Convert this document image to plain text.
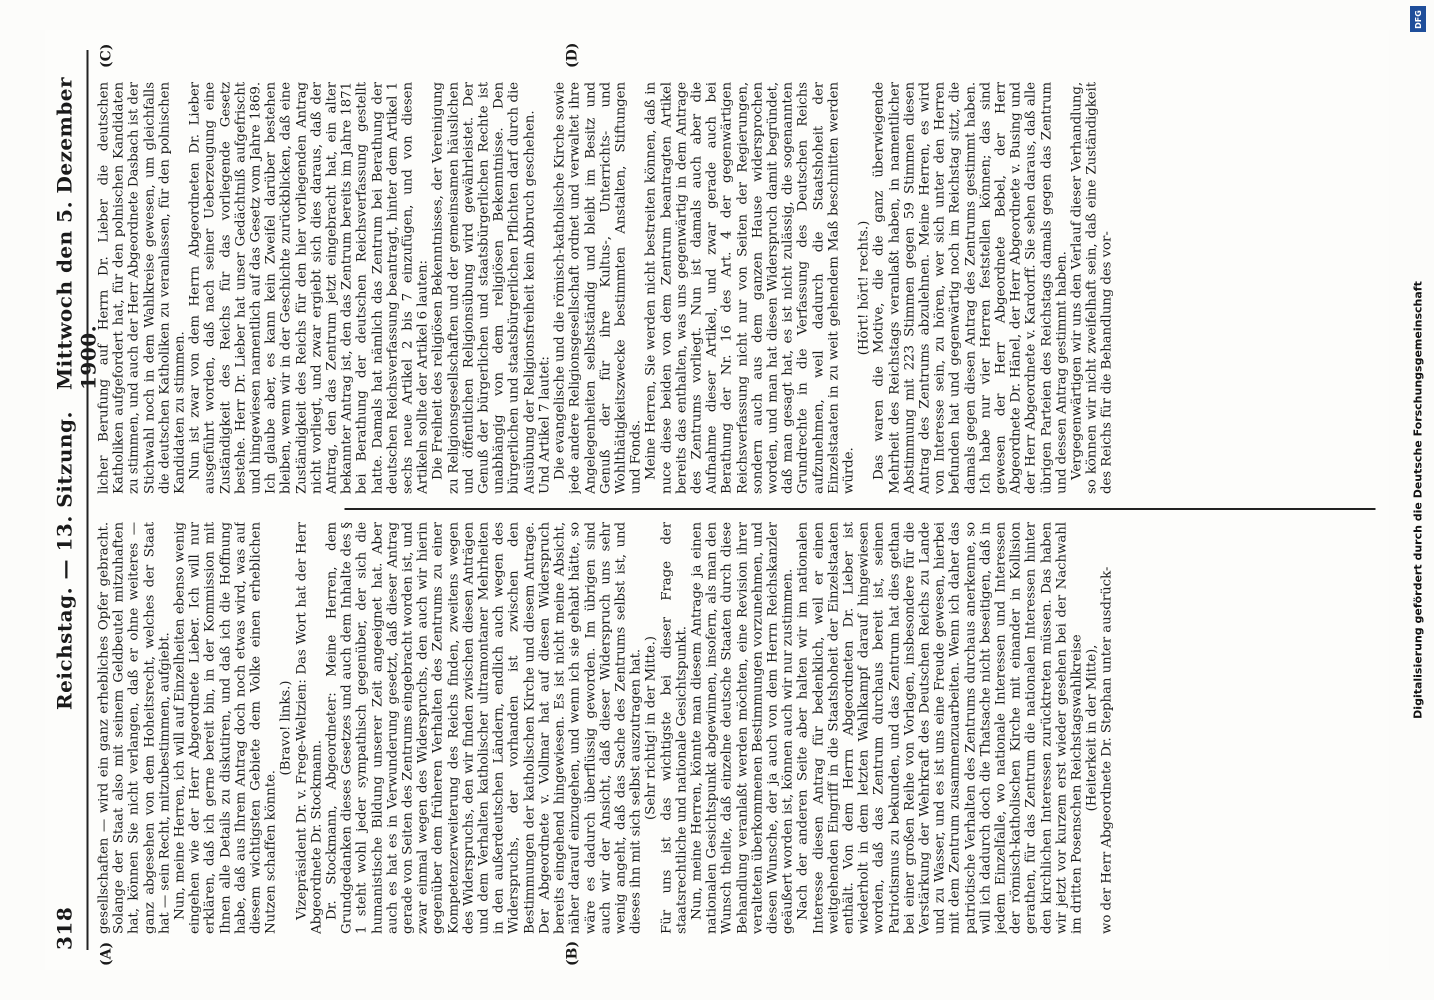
318
Reichstag. — 13. Sitzung.
Mittwoch den 5. Dezember 1900.
(A)	(B)
(C)	(D)

gesellschaften — wird ein ganz erhebliches Opfer gebracht. Solange der Staat also mit seinem Geldbeutel mitzuhaften hat, können Sie nicht verlangen, daß er ohne weiteres — ganz abgesehen von dem Hoheitsrecht, welches der Staat hat — sein Recht, mitzubestimmen, aufgiebt. Nun, meine Herren, ich will auf Einzelheiten ebenso wenig eingehen wie der Herr Abgeordnete Lieber. Ich will nur erklären, daß ich gerne bereit bin, in der Kommission mit Ihnen alle Details zu diskutiren, und daß ich die Hoffnung habe, daß aus Ihrem Antrag doch noch etwas wird, was auf diesem wichtigsten Gebiete dem Volke einen erheblichen Nutzen schaffen könnte.

(Bravo! links.) Vizepräsident Dr. v. Frege-Weltzien: Das Wort hat der Herr Abgeordnete Dr. Stockmann. Dr. Stockmann, Abgeordneter: Meine Herren, dem Grundgedanken dieses Gesetzes und auch dem Inhalte des § 1 steht wohl jeder sympathisch gegenüber, der sich die humanistische Bildung unserer Zeit angeeignet hat. Aber auch es hat es in Verwunderung gesetzt, daß dieser Antrag gerade von Seiten des Zentrums eingebracht worden ist, und zwar einmal wegen des Widerspruchs, den auch wir hierin gegenüber dem früheren Verhalten des Zentrums zu einer Kompetenzerweiterung des Reichs finden, zweitens wegen des Widerspruchs, den wir finden zwischen diesen Anträgen und dem Verhalten katholischer ultramontaner Mehrheiten in den außerdeutschen Ländern, endlich auch wegen des Widerspruchs, der vorhanden ist zwischen den Bestimmungen der katholischen Kirche und diesem Antrage. Der Abgeordnete v. Vollmar hat auf diesen Widerspruch bereits eingehend hingewiesen. Es ist nicht meine Absicht, näher darauf einzugehen, und wenn ich sie gehabt hätte, so wäre es dadurch überflüssig geworden. Im übrigen sind auch wir der Ansicht, daß dieser Widerspruch uns sehr wenig angeht, daß das Sache des Zentrums selbst ist, und dieses ihn mit sich selbst auszutragen hat. (Sehr richtig! in der Mitte.) Für uns ist das wichtigste bei dieser Frage der staatsrechtliche und nationale Gesichtspunkt. Nun, meine Herren, könnte man diesem Antrage ja einen nationalen Gesichtspunkt abgewinnen, insofern, als man den Wunsch theilte, daß einzelne deutsche Staaten durch diese Behandlung veranlaßt werden möchten, eine Revision ihrer veralteten überkommenen Bestimmungen vorzunehmen, und diesen Wunsche, der ja auch von dem Herrn Reichskanzler geäußert worden ist, können auch wir nur zustimmen. Nach der anderen Seite aber halten wir im nationalen Interesse diesen Antrag für bedenklich, weil er einen weitgehenden Eingriff in die Staatshoheit der Einzelstaaten enthält. Von dem Herrn Abgeordneten Dr. Lieber ist wiederholt in dem letzten Wahlkampf darauf hingewiesen worden, daß das Zentrum durchaus bereit ist, seinen Patriotismus zu bekunden, und das Zentrum hat dies gethan bei einer großen Reihe von Vorlagen, insbesondere für die Verstärkung der Wehrkraft des Deutschen Reichs zu Lande und zu Wasser, und es ist uns eine Freude gewesen, hierbei mit dem Zentrum zusammenzuarbeiten. Wenn ich daher das patriotische Verhalten des Zentrums durchaus anerkenne, so will ich dadurch doch die Thatsache nicht beseitigen, daß in jedem Einzelfalle, wo nationale Interessen und Interessen der römisch-katholischen Kirche mit einander in Kollision gerathen, für das Zentrum die nationalen Interessen hinter den kirchlichen Interessen zurücktreten müssen. Das haben wir jetzt vor kurzem erst wieder gesehen bei der Nachwahl im dritten Posenschen Reichstagswahlkreise (Heiterkeit in der Mitte), wo der Herr Abgeordnete Dr. Stephan unter ausdrück-

licher Berufung auf Herrn Dr. Lieber die deutschen Katholiken aufgefordert hat, für den polnischen Kandidaten zu stimmen, und auch der Herr Abgeordnete Dasbach ist der Stichwahl noch in dem Wahlkreise gewesen, um gleichfalls die deutschen Katholiken zu veranlassen, für den polnischen Kandidaten zu stimmen. Nun ist zwar von dem Herrn Abgeordneten Dr. Lieber ausgeführt worden, daß nach seiner Ueberzeugung eine Zuständigkeit des Reichs für das vorliegende Gesetz bestehe. Herr Dr. Lieber hat unser Gedächtniß aufgefrischt und hingewiesen namentlich auf das Gesetz vom Jahre 1869. Ich glaube aber, es kann kein Zweifel darüber bestehen bleiben, wenn wir in der Geschichte zurückblicken, daß eine Zuständigkeit des Reichs für den hier vorliegenden Antrag nicht vorliegt, und zwar ergiebt sich dies daraus, daß der Antrag, den das Zentrum jetzt eingebracht hat, ein alter bekannter Antrag ist, den das Zentrum bereits im Jahre 1871 bei Berathung der deutschen Reichsverfassung gestellt hatte. Damals hat nämlich das Zentrum bei Berathung der deutschen Reichsverfassung beantragt, hinter dem Artikel 1 sechs neue Artikel 2 bis 7 einzufügen, und von diesen Artikeln sollte der Artikel 6 lauten: Die Freiheit des religiösen Bekenntnisses, der Vereinigung zu Religionsgesellschaften und der gemeinsamen häuslichen und öffentlichen Religionsübung wird gewährleistet. Der Genuß der bürgerlichen und staatsbürgerlichen Rechte ist unabhängig von dem religiösen Bekenntnisse. Den bürgerlichen und staatsbürgerlichen Pflichten darf durch die Ausübung der Religionsfreiheit kein Abbruch geschehen. Und Artikel 7 lautet: Die evangelische und die römisch-katholische Kirche sowie jede andere Religionsgesellschaft ordnet und verwaltet ihre Angelegenheiten selbstständig und bleibt im Besitz und Genuß der für ihre Kultus-, Unterrichts- und Wohlthätigkeitszwecke bestimmten Anstalten, Stiftungen und Fonds. Meine Herren, Sie werden nicht bestreiten können, daß in nuce diese beiden von dem Zentrum beantragten Artikel bereits das enthalten, was uns gegenwärtig in dem Antrage des Zentrums vorliegt. Nun ist damals auch aber die Aufnahme dieser Artikel, und zwar gerade auch bei Berathung der Nr. 16 des Art. 4 der gegenwärtigen Reichsverfassung nicht nur von Seiten der Regierungen, sondern auch aus dem ganzen Hause widersprochen worden, und man hat diesen Widerspruch damit begründet, daß man gesagt hat, es ist nicht zulässig, die sogenannten Grundrechte in die Verfassung des Deutschen Reichs aufzunehmen, weil dadurch die Staatshoheit der Einzelstaaten in zu weit gehendem Maß beschnitten werden würde.

(Hört! hört! rechts.) Das waren die Motive, die die ganz überwiegende Mehrheit des Reichstags veranlaßt haben, in namentlicher Abstimmung mit 223 Stimmen gegen 59 Stimmen diesen Antrag des Zentrums abzulehnen. Meine Herren, es wird von Interesse sein, zu hören, wer sich unter den Herren befunden hat und gegenwärtig noch im Reichstag sitzt, die damals gegen diesen Antrag des Zentrums gestimmt haben. Ich habe nur vier Herren feststellen können; das sind gewesen der Herr Abgeordnete Bebel, der Herr Abgeordnete Dr. Hänel, der Herr Abgeordnete v. Busing und der Herr Abgeordnete v. Kardorff. Sie sehen daraus, daß alle übrigen Parteien des Reichstags damals gegen das Zentrum und dessen Antrag gestimmt haben. Vergegenwärtigen wir uns den Verlauf dieser Verhandlung, so können wir nicht zweifelhaft sein, daß eine Zuständigkeit des Reichs für die Behandlung des vor-

DFG
Digitalisierung gefördert durch die Deutsche Forschungsgemeinschaft
